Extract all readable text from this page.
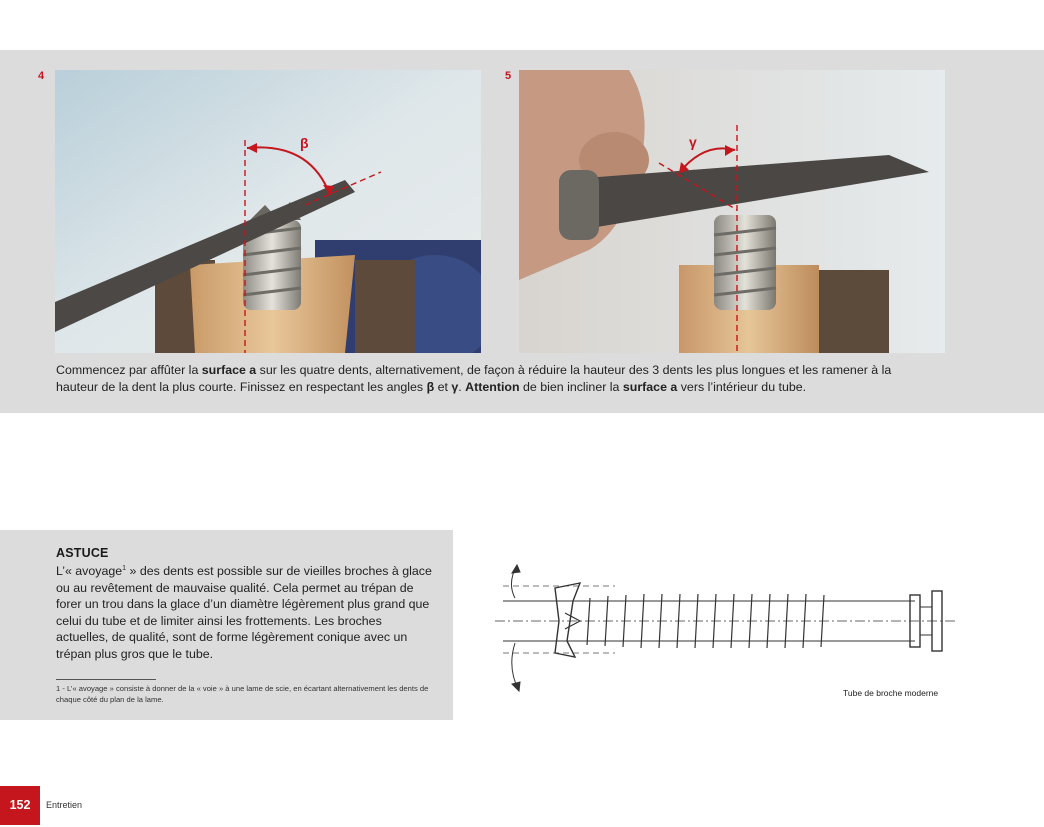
4
β
5
γ
Commencez par affûter la surface a sur les quatre dents, alternativement, de façon à réduire la hauteur des 3 dents les plus longues et les ramener à la hauteur de la dent la plus courte. Finissez en respectant les angles β et γ. Attention de bien incliner la surface a vers l’intérieur du tube.
ASTUCE
L’« avoyage$^1$ » des dents est possible sur de vieilles broches à glace ou au revêtement de mauvaise qualité. Cela permet au trépan de forer un trou dans la glace d’un diamètre légèrement plus grand que celui du tube et de limiter ainsi les frottements. Les broches actuelles, de qualité, sont de forme légèrement conique avec un trépan plus gros que le tube.
1 - L’« avoyage » consiste à donner de la « voie » à une lame de scie, en écartant alternativement les dents de chaque côté du plan de la lame.
Tube de broche moderne
152	Entretien
